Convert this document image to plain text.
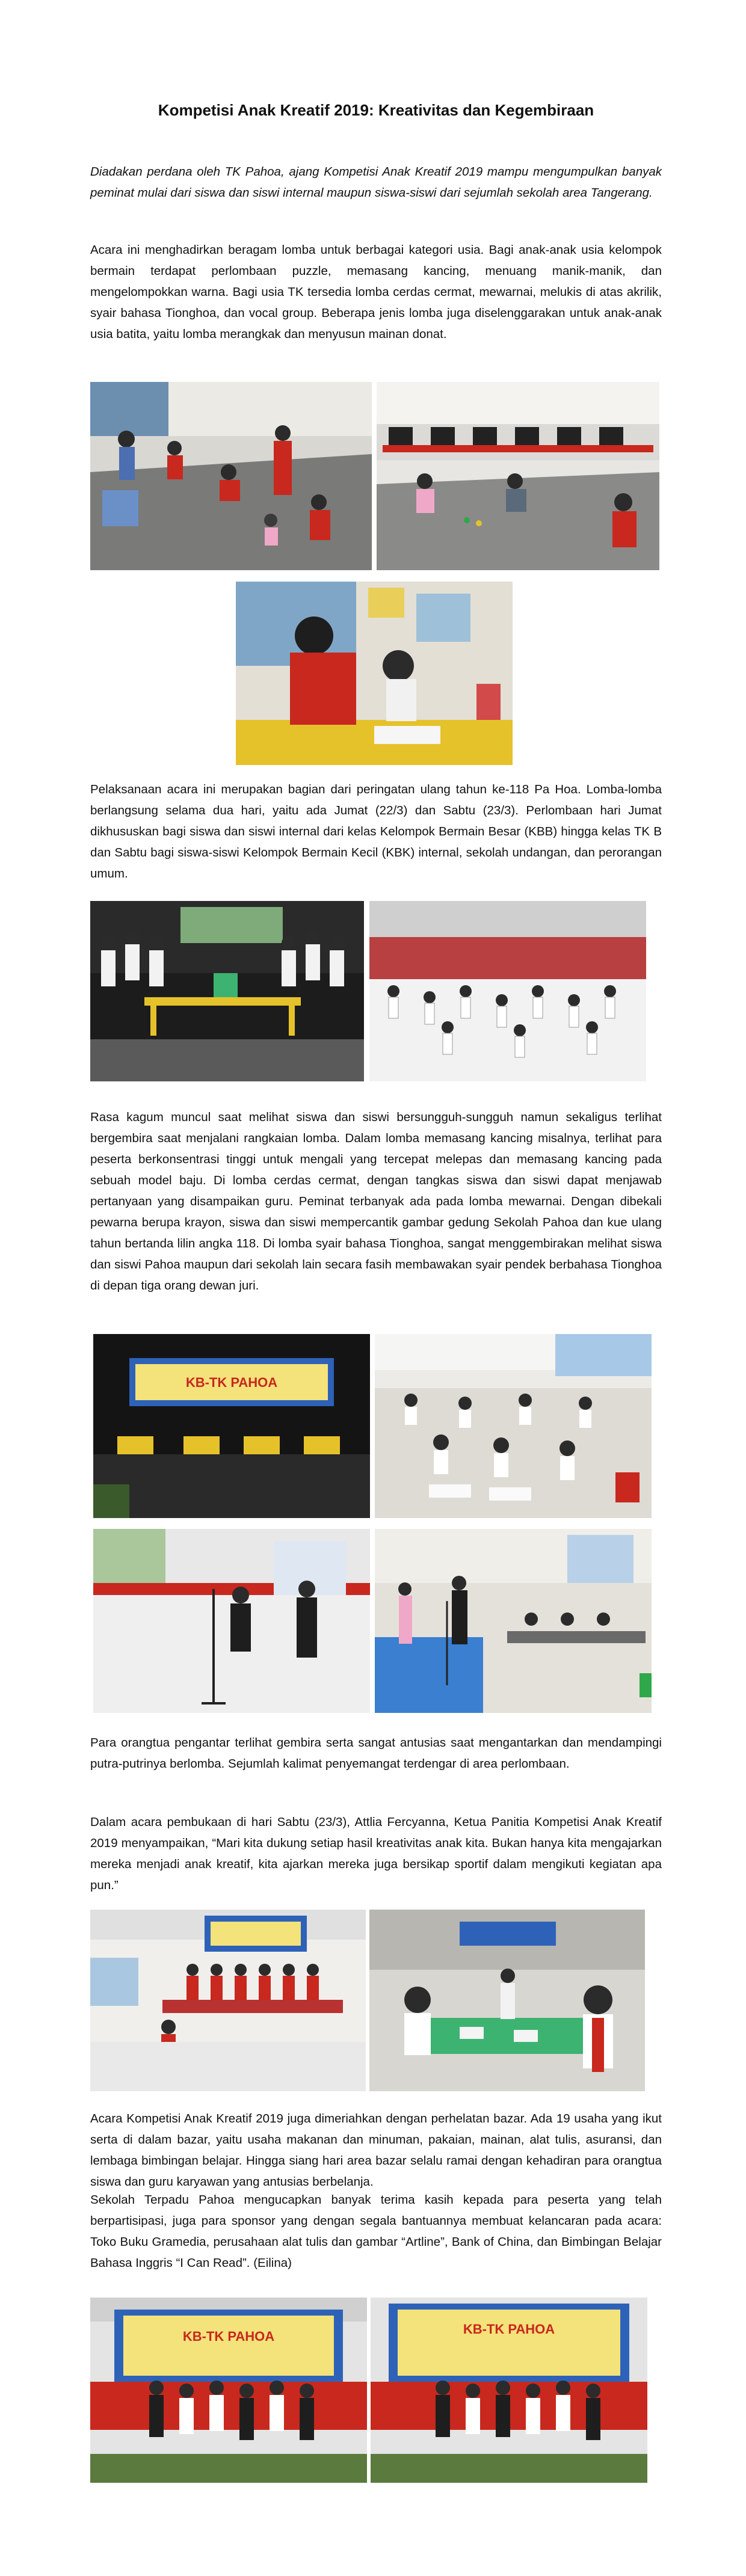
Kompetisi Anak Kreatif 2019: Kreativitas dan Kegembiraan

Diadakan perdana oleh TK Pahoa, ajang Kompetisi Anak Kreatif 2019 mampu mengumpulkan banyak peminat mulai dari siswa dan siswi internal maupun siswa-siswi dari sejumlah sekolah area Tangerang.

Acara ini menghadirkan beragam lomba untuk berbagai kategori usia. Bagi anak-anak usia kelompok bermain terdapat perlombaan puzzle, memasang kancing, menuang manik-manik, dan mengelompokkan warna. Bagi usia TK tersedia lomba cerdas cermat, mewarnai, melukis di atas akrilik, syair bahasa Tionghoa, dan vocal group. Beberapa jenis lomba juga diselenggarakan untuk anak-anak usia batita, yaitu lomba merangkak dan menyusun mainan donat.

Pelaksanaan acara ini merupakan bagian dari peringatan ulang tahun ke-118 Pa Hoa. Lomba-lomba berlangsung selama dua hari, yaitu ada Jumat (22/3) dan Sabtu (23/3). Perlombaan hari Jumat dikhususkan bagi siswa dan siswi internal dari kelas Kelompok Bermain Besar (KBB) hingga kelas TK B dan Sabtu bagi siswa-siswi Kelompok Bermain Kecil (KBK) internal, sekolah undangan, dan perorangan umum.

Rasa kagum muncul saat melihat siswa dan siswi bersungguh-sungguh namun sekaligus terlihat bergembira saat menjalani rangkaian lomba. Dalam lomba memasang kancing misalnya, terlihat para peserta berkonsentrasi tinggi untuk mengali yang tercepat melepas dan memasang kancing pada sebuah model baju. Di lomba cerdas cermat, dengan tangkas siswa dan siswi dapat menjawab pertanyaan yang disampaikan guru. Peminat terbanyak ada pada lomba mewarnai. Dengan dibekali pewarna berupa krayon, siswa dan siswi mempercantik gambar gedung Sekolah Pahoa dan kue ulang tahun bertanda lilin angka 118. Di lomba syair bahasa Tionghoa, sangat menggembirakan melihat siswa dan siswi Pahoa maupun dari sekolah lain secara fasih membawakan syair pendek berbahasa Tionghoa di depan tiga orang dewan juri.

KB-TK PAHOA

Para orangtua pengantar terlihat gembira serta sangat antusias saat mengantarkan dan mendampingi putra-putrinya berlomba. Sejumlah kalimat penyemangat terdengar di area perlombaan.

Dalam acara pembukaan di hari Sabtu (23/3), Attlia Fercyanna, Ketua Panitia Kompetisi Anak Kreatif 2019 menyampaikan, “Mari kita dukung setiap hasil kreativitas anak kita. Bukan hanya kita mengajarkan mereka menjadi anak kreatif, kita ajarkan mereka juga bersikap sportif dalam mengikuti kegiatan apa pun.”

Acara Kompetisi Anak Kreatif 2019 juga dimeriahkan dengan perhelatan bazar. Ada 19 usaha yang ikut serta di dalam bazar, yaitu usaha makanan dan minuman, pakaian, mainan, alat tulis, asuransi, dan lembaga bimbingan belajar. Hingga siang hari area bazar selalu ramai dengan kehadiran para orangtua siswa dan guru karyawan yang antusias berbelanja.

Sekolah Terpadu Pahoa mengucapkan banyak terima kasih kepada para peserta yang telah berpartisipasi, juga para sponsor yang dengan segala bantuannya membuat kelancaran pada acara: Toko Buku Gramedia, perusahaan alat tulis dan gambar “Artline”, Bank of China, dan Bimbingan Belajar Bahasa Inggris “I Can Read”. (Eilina)

KB-TK PAHOA	KB-TK PAHOA
